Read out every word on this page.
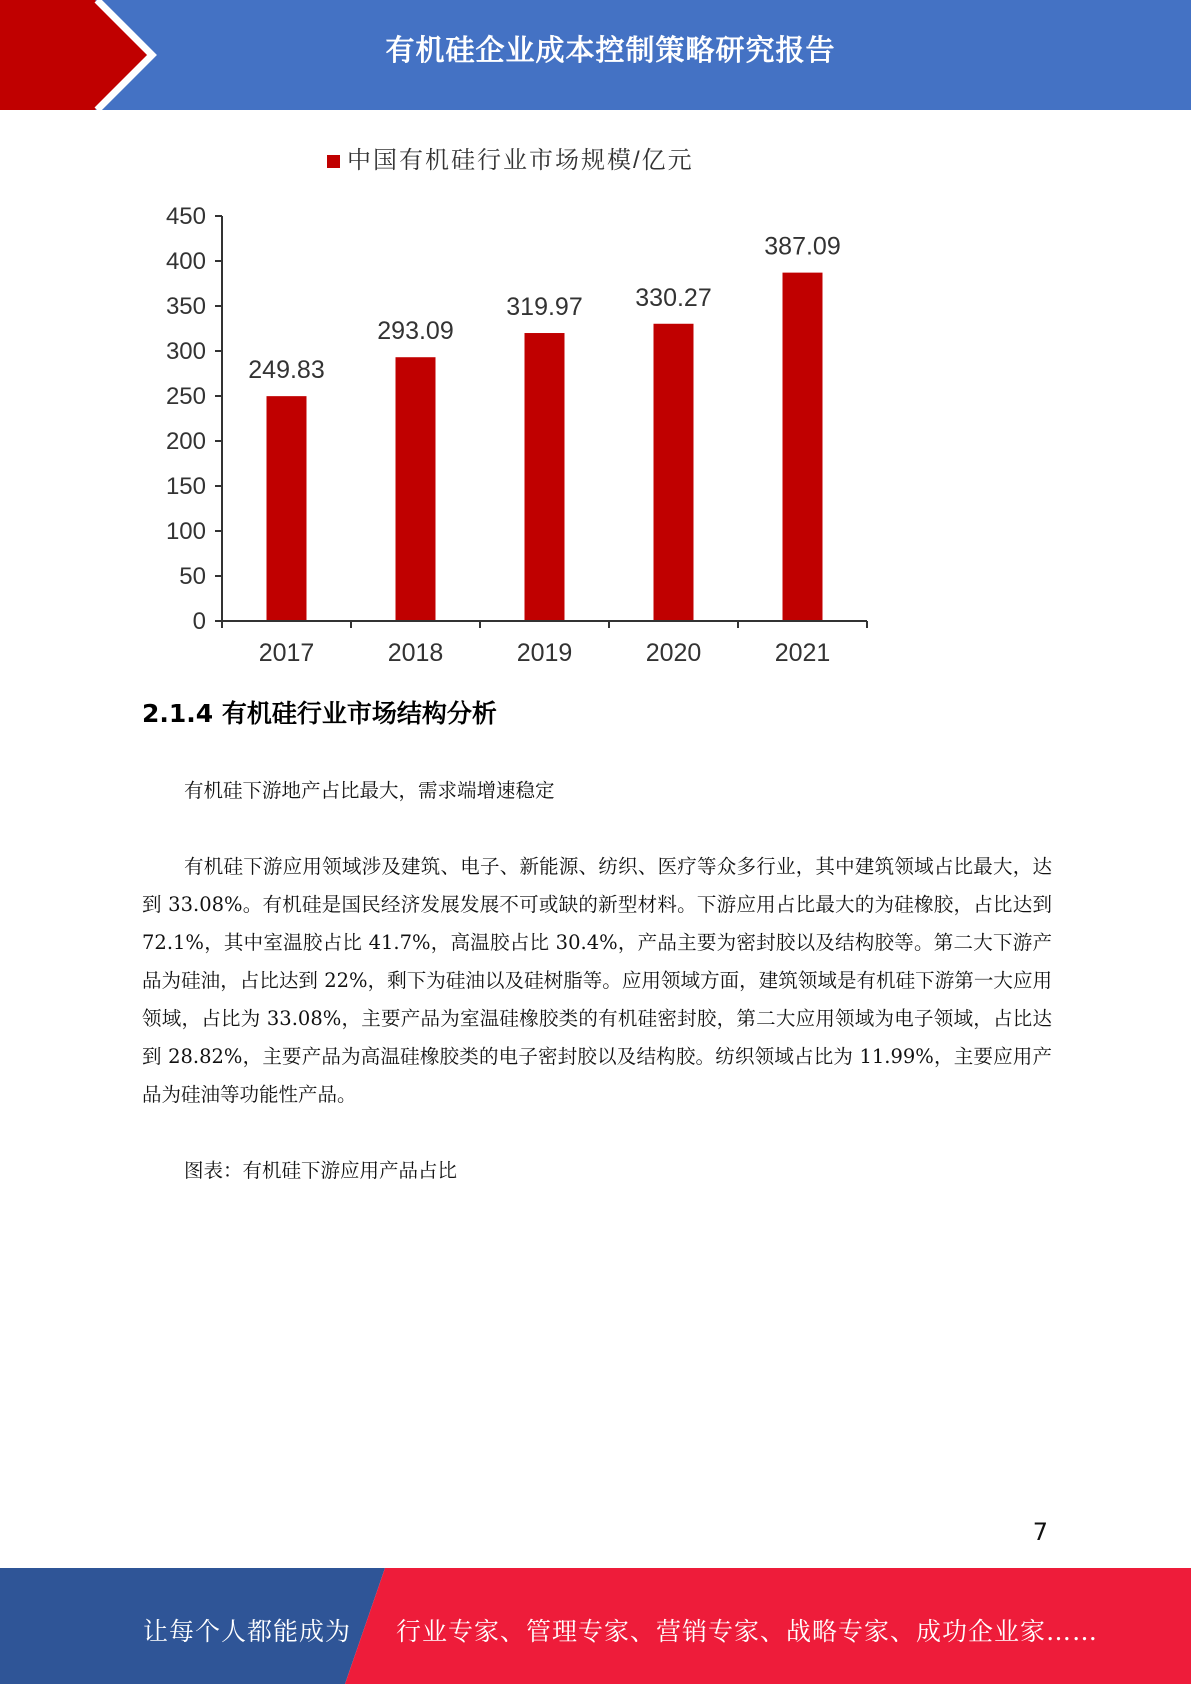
有机硅企业成本控制策略研究报告
中国有机硅行业市场规模/亿元
0
50
100
150
200
250
300
350
400
450
249.83
293.09
319.97 330.27
387.09
2017	2018	2019	2020	2021
2.1.4 有机硅行业市场结构分析

有机硅下游地产占比最大，需求端增速稳定

有机硅下游应用领域涉及建筑、电子、新能源、纺织、医疗等众多行业，其中建筑领域占比最大，达到 33.08%。有机硅是国民经济发展发展不可或缺的新型材料。下游应用占比最大的为硅橡胶，占比达到 72.1%，其中室温胶占比 41.7%，高温胶占比 30.4%，产品主要为密封胶以及结构胶等。第二大下游产品为硅油，占比达到 22%，剩下为硅油以及硅树脂等。应用领域方面，建筑领域是有机硅下游第一大应用领域，占比为 33.08%，主要产品为室温硅橡胶类的有机硅密封胶，第二大应用领域为电子领域，占比达到 28.82%，主要产品为高温硅橡胶类的电子密封胶以及结构胶。纺织领域占比为 11.99%，主要应用产品为硅油等功能性产品。

图表：有机硅下游应用产品占比

7
让每个人都能成为 行业专家、管理专家、营销专家、战略专家、成功企业家……
